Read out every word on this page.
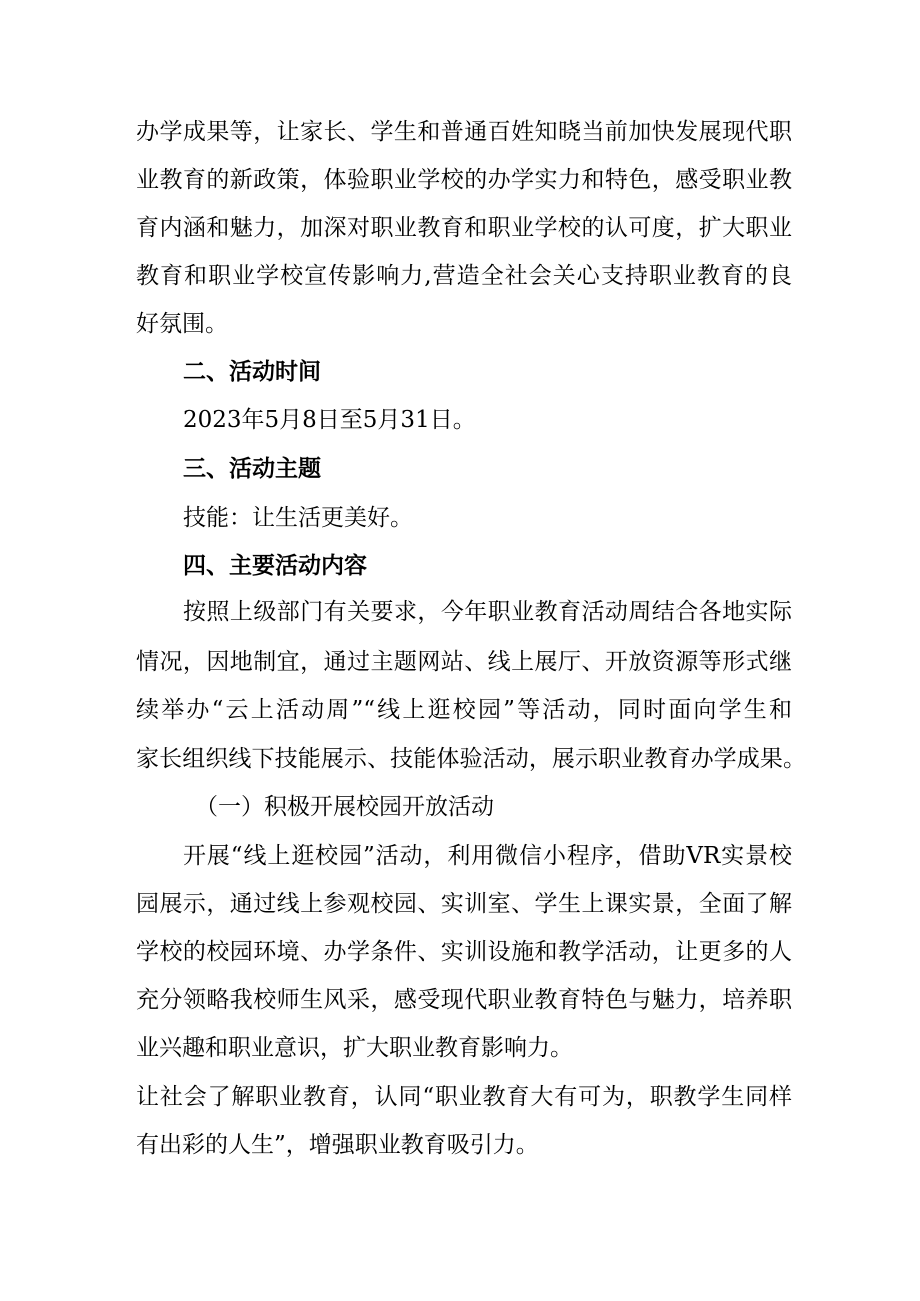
办学成果等，让家长、学生和普通百姓知晓当前加快发展现代职

业教育的新政策，体验职业学校的办学实力和特色，感受职业教

育内涵和魅力，加深对职业教育和职业学校的认可度，扩大职业

教育和职业学校宣传影响力,营造全社会关心支持职业教育的良

好氛围。

二、活动时间

2023年5月8日至5月31日。

三、活动主题

技能：让生活更美好。

四、主要活动内容

按照上级部门有关要求，今年职业教育活动周结合各地实际

情况，因地制宜，通过主题网站、线上展厅、开放资源等形式继

续举办“云上活动周”“线上逛校园”等活动，同时面向学生和

家长组织线下技能展示、技能体验活动，展示职业教育办学成果。

（一）积极开展校园开放活动

开展“线上逛校园”活动，利用微信小程序，借助VR实景校

园展示，通过线上参观校园、实训室、学生上课实景，全面了解

学校的校园环境、办学条件、实训设施和教学活动，让更多的人

充分领略我校师生风采，感受现代职业教育特色与魅力，培养职

业兴趣和职业意识，扩大职业教育影响力。

让社会了解职业教育，认同“职业教育大有可为，职教学生同样

有出彩的人生”，增强职业教育吸引力。
